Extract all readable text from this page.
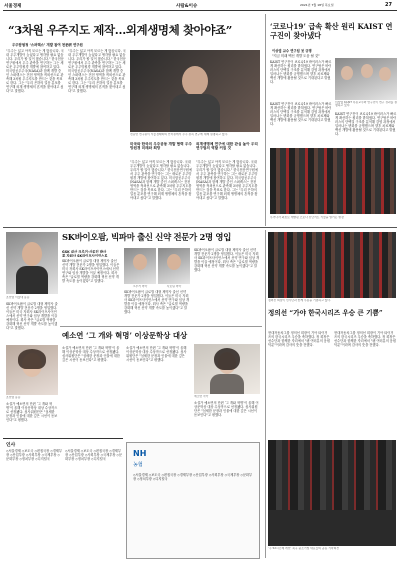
서울경제	사람&이슈	2021년 7월 18일 목요일	27
“3차원 우주지도 제작…외계생명체 찾아야죠”
우주탐험청 ‘스퍼렉스’ 개발 참여 천문硏 연구원
"우주는 넓고 아직 모르는 게 많습니다. 국내 우주개발이 늦었다고 생각할 필요 없습니다. 우리가 할 일이 많습니다." 한국천문연구원에서 우주 관측을 연구하는 그는 새로운 우주망원경 개발에 참여하고 있다. 미국항공우주국(NASA)과 함께 개발 중인 스퍼렉스는 전천 영역을 적외선으로 관측해 3차원 우주지도를 만드는 것을 목표로 한다. 그는 "우리 은하의 얼음 분포를 연구해 외계 생명체의 흔적을 찾아내고 싶다"고 말했다.
"우주는 넓고 아직 모르는 게 많습니다. 국내 우주개발이 늦었다고 생각할 필요 없습니다. 우리가 할 일이 많습니다." 한국천문연구원에서 우주 관측을 연구하는 그는 새로운 우주망원경 개발에 참여하고 있다. 미국항공우주국(NASA)과 함께 개발 중인 스퍼렉스는 전천 영역을 적외선으로 관측해 3차원 우주지도를 만드는 것을 목표로 한다. 그는 "우리 은하의 얼음 분포를 연구해 외계 생명체의 흔적을 찾아내고 싶다"고 말했다.
천문연 연구원이 서울경제와의 인터뷰에서 우주 관측 연구에 대해 설명하고 있다.
미국와 한국의 우주공동 개발 협력 우주망원경 미래와 희망
외계생명체 연구에 대한 관심 높아 우리 연구팀의 역할 커질 것
"우주는 넓고 아직 모르는 게 많습니다. 국내 우주개발이 늦었다고 생각할 필요 없습니다. 우리가 할 일이 많습니다." 한국천문연구원에서 우주 관측을 연구하는 그는 새로운 우주망원경 개발에 참여하고 있다. 미국항공우주국(NASA)과 함께 개발 중인 스퍼렉스는 전천 영역을 적외선으로 관측해 3차원 우주지도를 만드는 것을 목표로 한다. 그는 "우리 은하의 얼음 분포를 연구해 외계 생명체의 흔적을 찾아내고 싶다"고 말했다.
"우주는 넓고 아직 모르는 게 많습니다. 국내 우주개발이 늦었다고 생각할 필요 없습니다. 우리가 할 일이 많습니다." 한국천문연구원에서 우주 관측을 연구하는 그는 새로운 우주망원경 개발에 참여하고 있다. 미국항공우주국(NASA)과 함께 개발 중인 스퍼렉스는 전천 영역을 적외선으로 관측해 3차원 우주지도를 만드는 것을 목표로 한다. 그는 "우리 은하의 얼음 분포를 연구해 외계 생명체의 흔적을 찾아내고 싶다"고 말했다.
‘코로나19’ 급속 확산 원리 KAIST 연구진이 찾아냈다
이상엽 교수 연구팀 첫 규명
"지금 미래 백신 개발 도움 될 것"
KAIST 연구진이 코로나19 바이러스가 빠르게 확산하는 원리를 밝혀냈다. 연구팀은 바이러스의 단백질 구조를 분석해 감염 과정에서 일어나는 변화를 규명했으며 향후 치료제와 백신 개발에 활용될 것으로 기대된다고 밝혔다.
이상엽 KAIST 특훈교수와 연구진이 연구 성과를 설명하고 있다.
KAIST 연구진이 코로나19 바이러스가 빠르게 확산하는 원리를 밝혀냈다. 연구팀은 바이러스의 단백질 구조를 분석해 감염 과정에서 일어나는 변화를 규명했으며 향후 치료제와 백신 개발에 활용될 것으로 기대된다고 밝혔다.
KAIST 연구진이 코로나19 바이러스가 빠르게 확산하는 원리를 밝혀냈다. 연구팀은 바이러스의 단백질 구조를 분석해 감염 과정에서 일어나는 변화를 규명했으며 향후 치료제와 백신 개발에 활용될 것으로 기대된다고 밝혔다.
우리나라 최초로 개발된 코로나 진단키트 기술을 알리는 현장
SK바이오팜, 빅파마 출신 신약 전문가 2명 영입
GSK 대산 크루거·사로틴 박사
美 자회사 SK라이프사이언스로
SK바이오팜이 글로벌 대형 제약사 출신 신약 개발 전문가 2명을 영입했다. 이들은 미국 자회사 SK라이프사이언스에서 신약 연구와 임상 개발을 이끌 예정이다. 회사 측은 "글로벌 역량을 강화해 혁신 신약 개발 속도를 높이겠다"고 말했다.
크루거 박사	사로틴 박사
SK바이오팜이 글로벌 대형 제약사 출신 신약 개발 전문가 2명을 영입했다. 이들은 미국 자회사 SK라이프사이언스에서 신약 연구와 임상 개발을 이끌 예정이다. 회사 측은 "글로벌 역량을 강화해 혁신 신약 개발 속도를 높이겠다"고 말했다.
SK바이오팜이 글로벌 대형 제약사 출신 신약 개발 전문가 2명을 영입했다. 이들은 미국 자회사 SK라이프사이언스에서 신약 연구와 임상 개발을 이끌 예정이다. 회사 측은 "글로벌 역량을 강화해 혁신 신약 개발 속도를 높이겠다"고 말했다.
조선영 서울대 동문
SK바이오팜이 글로벌 대형 제약사 출신 신약 개발 전문가 2명을 영입했다. 이들은 미국 자회사 SK라이프사이언스에서 신약 연구와 임상 개발을 이끌 예정이다. 회사 측은 "글로벌 역량을 강화해 혁신 신약 개발 속도를 높이겠다"고 말했다.
예소연 ‘그 개와 혁명’ 이상문학상 대상
소설가 예소연의 단편 ‘그 개와 혁명’이 올해 이상문학상 대상 수상작으로 선정됐다. 심사위원단은 "섬세한 문장과 인물에 대한 깊은 시선이 돋보인다"고 평했다.
소설가 예소연의 단편 ‘그 개와 혁명’이 올해 이상문학상 대상 수상작으로 선정됐다. 심사위원단은 "섬세한 문장과 인물에 대한 깊은 시선이 돋보인다"고 평했다.
예소연 작가
소설가 예소연의 단편 ‘그 개와 혁명’이 올해 이상문학상 대상 수상작으로 선정됐다. 심사위원단은 "섬세한 문장과 인물에 대한 깊은 시선이 돋보인다"고 평했다.
조선영 동문
소설가 예소연의 단편 ‘그 개와 혁명’이 올해 이상문학상 대상 수상작으로 선정됐다. 심사위원단은 "섬세한 문장과 인물에 대한 깊은 시선이 돋보인다"고 평했다.
인사
◇서울경제 ◇보도국 ◇편집국장 ◇경제부장 ◇산업부장 ◇사회부장 ◇국제부장 ◇문화부장 ◇정치부장 ◇디지털국
◇서울경제 ◇보도국 ◇편집국장 ◇경제부장 ◇산업부장 ◇사회부장 ◇국제부장 ◇문화부장 ◇정치부장 ◇디지털국
NH
농협
◇서울경제 ◇보도국 ◇편집국장 ◇경제부장 ◇산업부장 ◇사회부장 ◇국제부장 ◇문화부장 ◇정치부장 ◇디지털국
정의선 회장이 선수단과 함께 우승을 기념하고 있다.
정의선 “가야 한국시리즈 우승 큰 기쁨”
현대자동차그룹 정의선 회장이 기아 타이거즈의 한국시리즈 우승을 축하했다. 정 회장은 선수단과 함께한 자리에서 "팬 여러분의 응원 덕분"이라며 감사의 뜻을 전했다.
현대자동차그룹 정의선 회장이 기아 타이거즈의 한국시리즈 우승을 축하했다. 정 회장은 선수단과 함께한 자리에서 "팬 여러분의 응원 덕분"이라며 감사의 뜻을 전했다.
‘주 52시간제 개선’ 촉구 중소기업 대표들의 공동 기자회견
